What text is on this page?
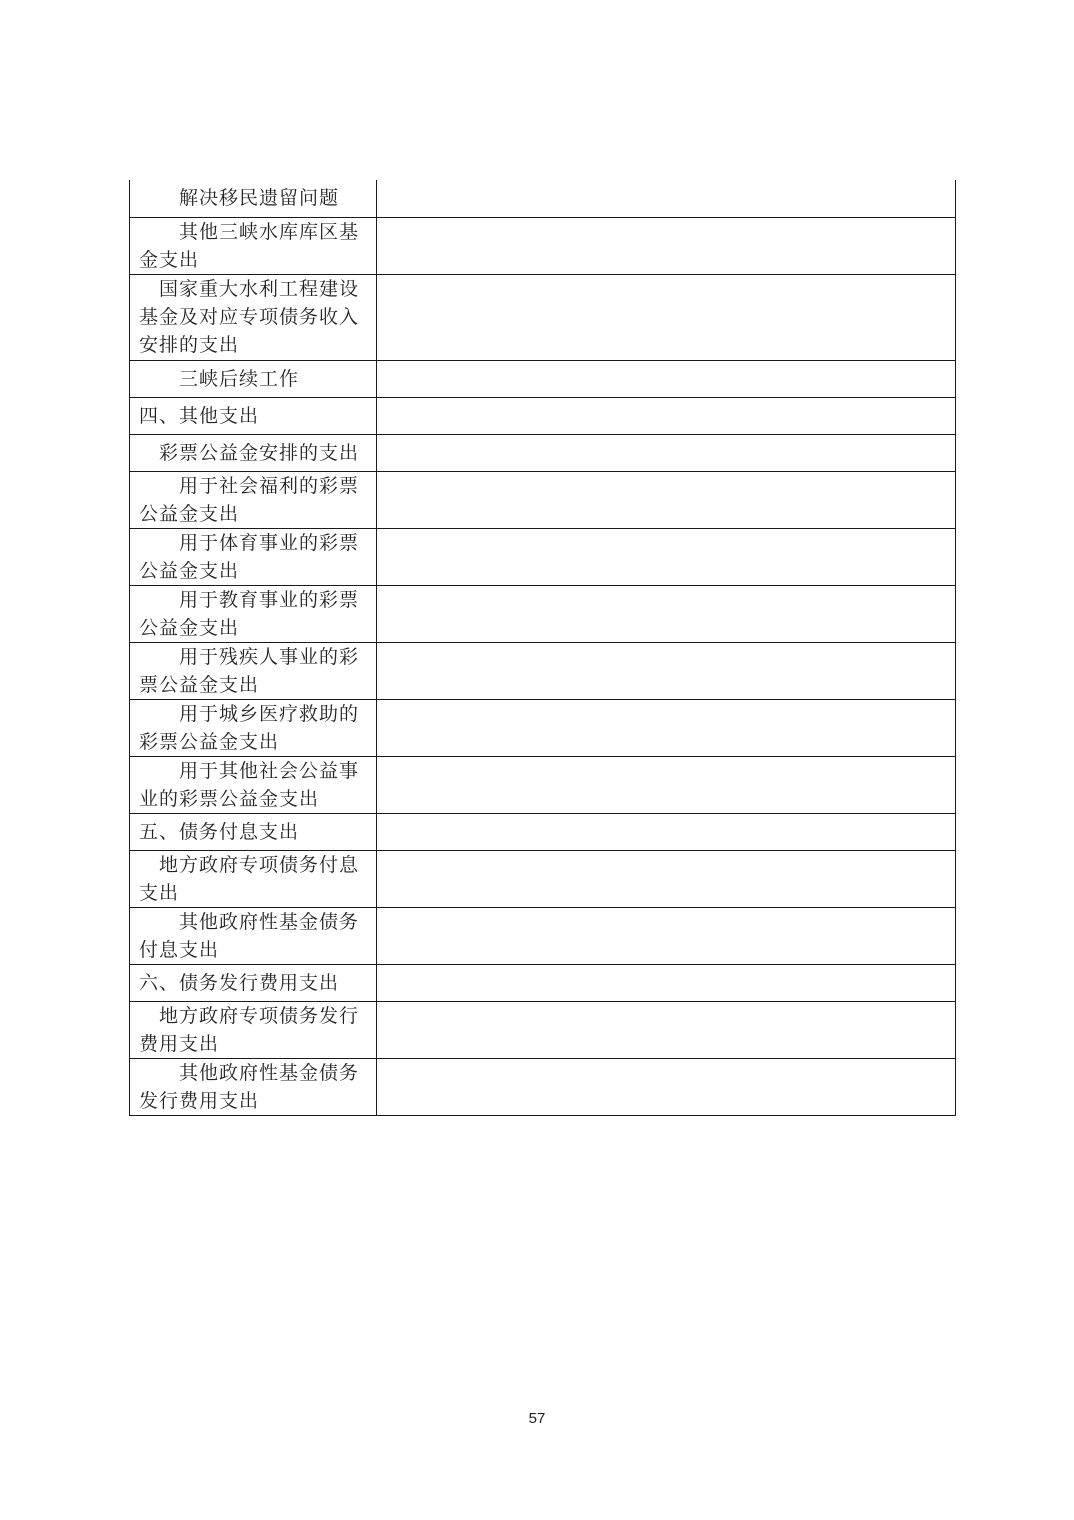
解决移民遗留问题	

其他三峡水库库区基金支出	

国家重大水利工程建设基金及对应专项债务收入安排的支出	

三峡后续工作	

四、其他支出	

彩票公益金安排的支出	

用于社会福利的彩票公益金支出	

用于体育事业的彩票公益金支出	

用于教育事业的彩票公益金支出	

用于残疾人事业的彩票公益金支出	

用于城乡医疗救助的彩票公益金支出	

用于其他社会公益事业的彩票公益金支出	

五、债务付息支出	

地方政府专项债务付息支出	

其他政府性基金债务付息支出	

六、债务发行费用支出	

地方政府专项债务发行费用支出	

其他政府性基金债务发行费用支出	

57
